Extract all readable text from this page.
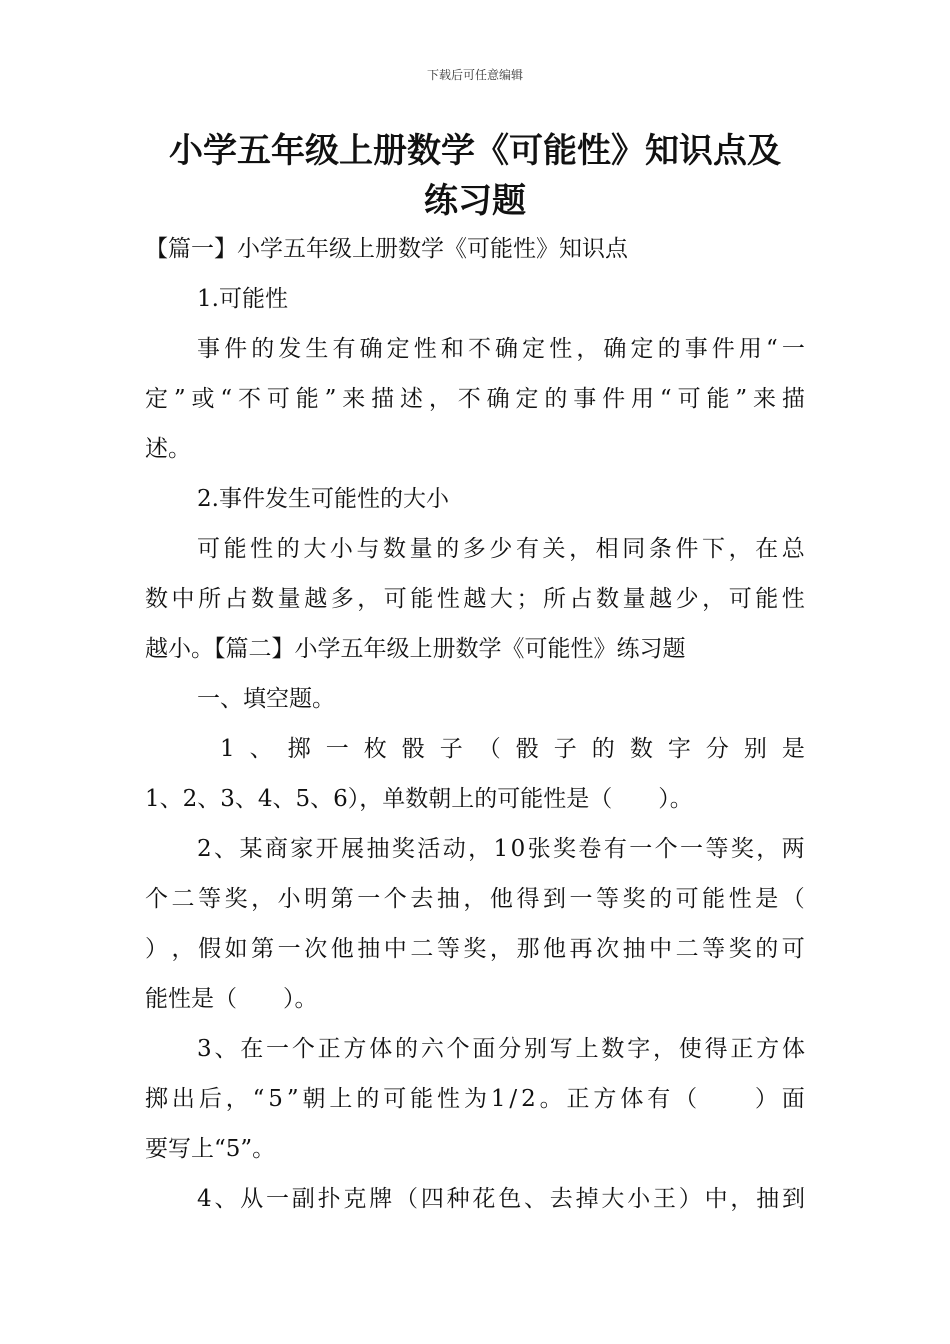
下载后可任意编辑
小学五年级上册数学《可能性》知识点及
练习题
【篇一】小学五年级上册数学《可能性》知识点
1.可能性
事 件 的 发 生 有 确 定 性 和 不 确 定 性 ， 确 定 的 事 件 用 “ 一
定 ” 或 “ 不 可 能 ” 来 描 述 ， 不 确 定 的 事 件 用 “ 可 能 ” 来 描
述。
2.事件发生可能性的大小
可 能 性 的 大 小 与 数 量 的 多 少 有 关 ， 相 同 条 件 下 ， 在 总
数 中 所 占 数 量 越 多 ， 可 能 性 越 大 ； 所 占 数 量 越 少 ， 可 能 性
越小。【篇二】小学五年级上册数学《可能性》练习题
一、填空题。
1 、 掷 一 枚 骰 子 （ 骰 子 的 数 字 分 别 是
1、2、3、4、5、6），单数朝上的可能性是（　　）。
2 、 某 商 家 开 展 抽 奖 活 动 ， 1 0 张 奖 卷 有 一 个 一 等 奖 ， 两
个 二 等 奖 ， 小 明 第 一 个 去 抽 ， 他 得 到 一 等 奖 的 可 能 性 是 （
） ， 假 如 第 一 次 他 抽 中 二 等 奖 ， 那 他 再 次 抽 中 二 等 奖 的 可
能性是（　　）。
3 、 在 一 个 正 方 体 的 六 个 面 分 别 写 上 数 字 ， 使 得 正 方 体
掷 出 后 ， “ 5 ” 朝 上 的 可 能 性 为 1 / 2 。 正 方 体 有 （

　	） 面
要写上“5”。
4 、 从 一 副 扑 克 牌 （ 四 种 花 色 、 去 掉 大 小 王 ） 中 ， 抽 到
